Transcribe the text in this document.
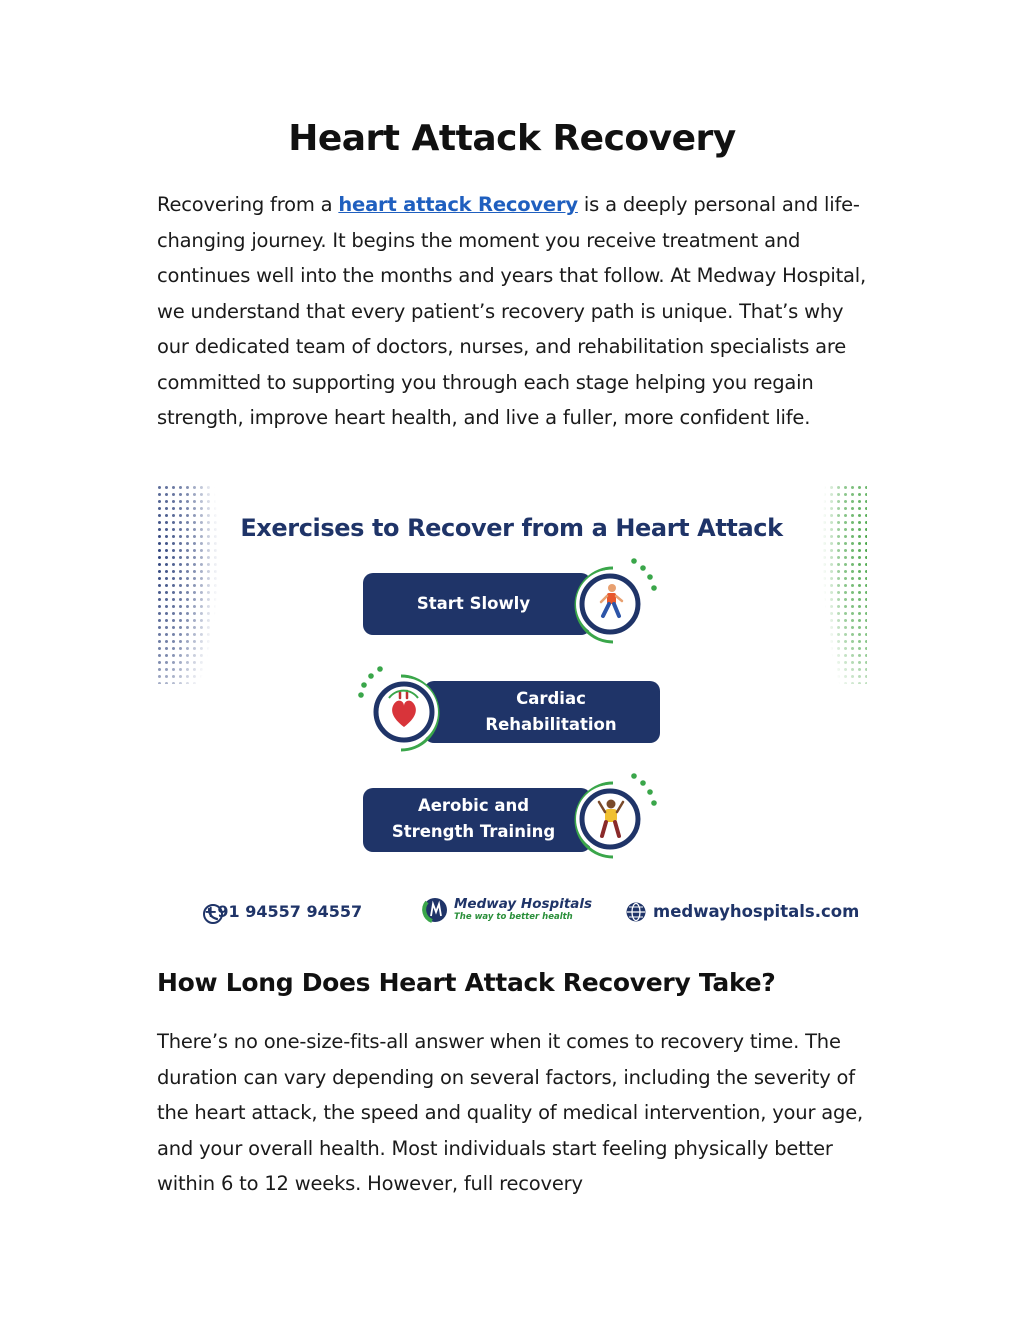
Heart Attack Recovery

Recovering from a heart attack Recovery is a deeply personal and life-changing journey. It begins the moment you receive treatment and continues well into the months and years that follow. At Medway Hospital, we understand that every patient’s recovery path is unique. That’s why our dedicated team of doctors, nurses, and rehabilitation specialists are committed to supporting you through each stage helping you regain strength, improve heart health, and live a fuller, more confident life.

Exercises to Recover from a Heart Attack
Start Slowly
Cardiac
Rehabilitation
Aerobic and
Strength Training
+91 94557 94557	Medway Hospitals
The way to better health	medwayhospitals.com
How Long Does Heart Attack Recovery Take?

There’s no one-size-fits-all answer when it comes to recovery time. The duration can vary depending on several factors, including the severity of the heart attack, the speed and quality of medical intervention, your age, and your overall health. Most individuals start feeling physically better within 6 to 12 weeks. However, full recovery
